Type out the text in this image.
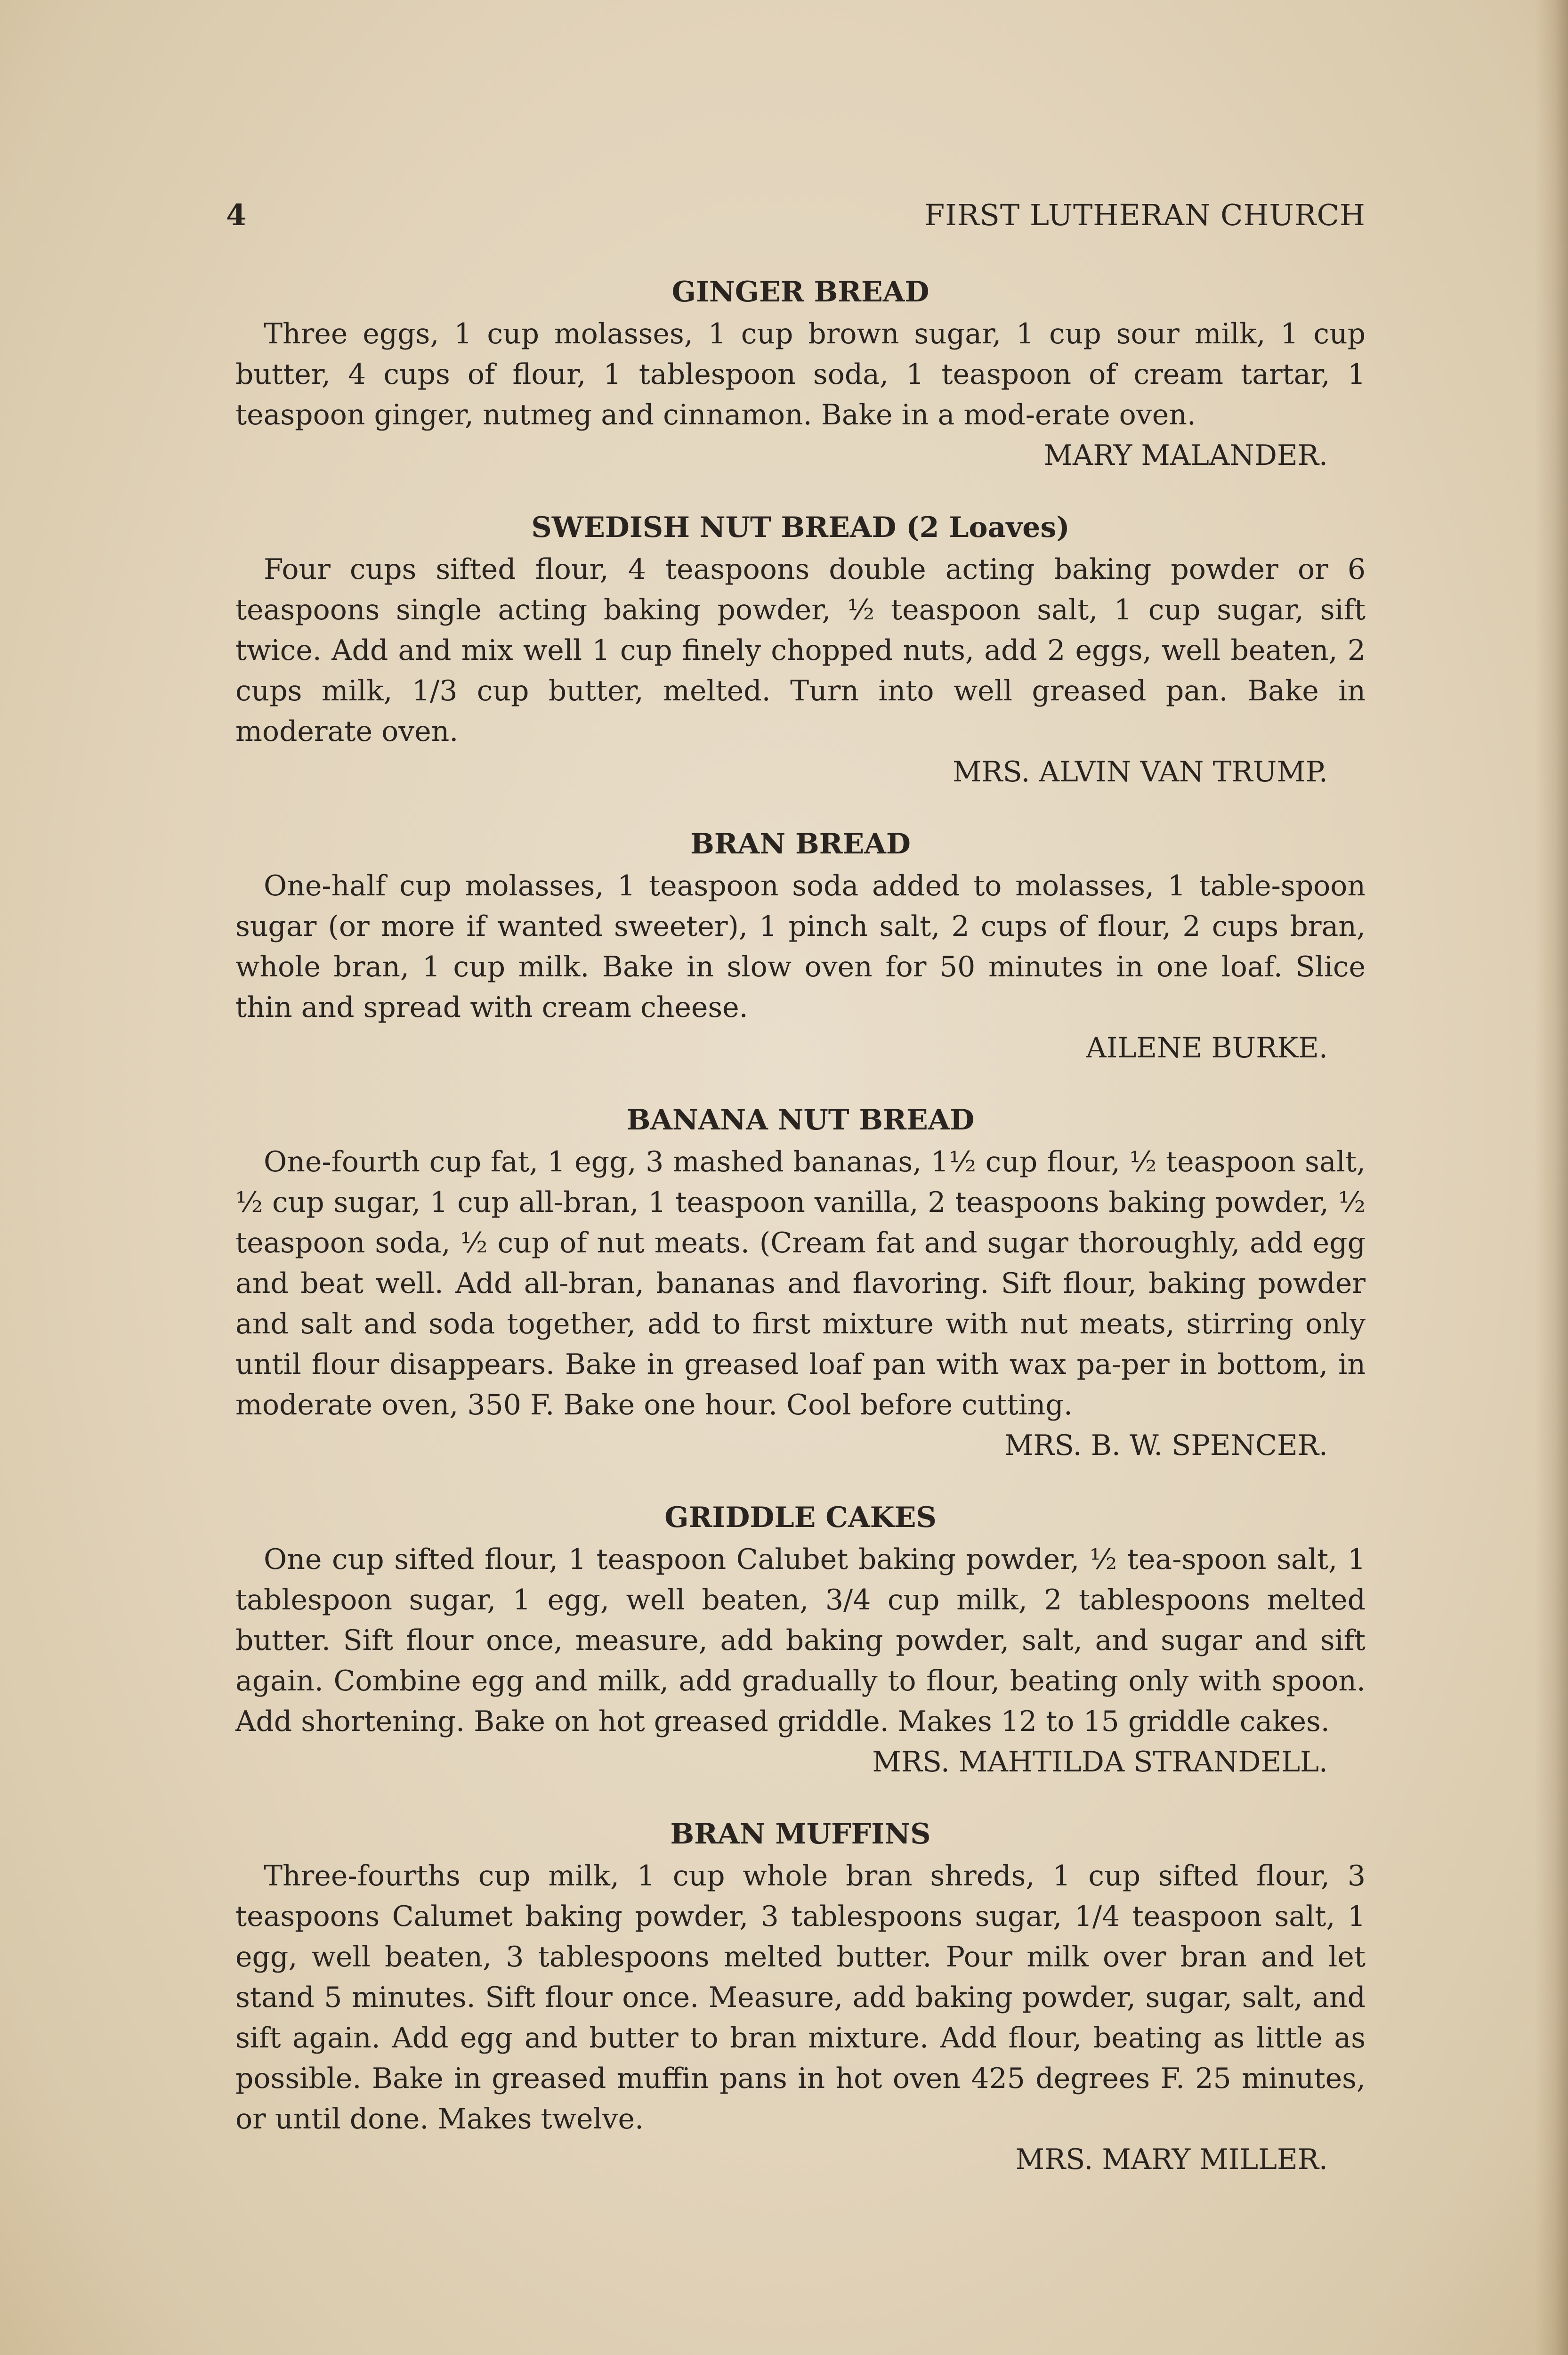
4	FIRST LUTHERAN CHURCH
GINGER BREAD
Three eggs, 1 cup molasses, 1 cup brown sugar, 1 cup sour milk, 1 cup butter, 4 cups of flour, 1 tablespoon soda, 1 teaspoon of cream tartar, 1 teaspoon ginger, nutmeg and cinnamon. Bake in a mod-erate oven.
MARY MALANDER.
SWEDISH NUT BREAD (2 Loaves)
Four cups sifted flour, 4 teaspoons double acting baking powder or 6 teaspoons single acting baking powder, ½ teaspoon salt, 1 cup sugar, sift twice. Add and mix well 1 cup finely chopped nuts, add 2 eggs, well beaten, 2 cups milk, 1/3 cup butter, melted. Turn into well greased pan. Bake in moderate oven.
MRS. ALVIN VAN TRUMP.
BRAN BREAD
One-half cup molasses, 1 teaspoon soda added to molasses, 1 table-spoon sugar (or more if wanted sweeter), 1 pinch salt, 2 cups of flour, 2 cups bran, whole bran, 1 cup milk. Bake in slow oven for 50 minutes in one loaf. Slice thin and spread with cream cheese.
AILENE BURKE.
BANANA NUT BREAD
One-fourth cup fat, 1 egg, 3 mashed bananas, 1½ cup flour, ½ teaspoon salt, ½ cup sugar, 1 cup all-bran, 1 teaspoon vanilla, 2 teaspoons baking powder, ½ teaspoon soda, ½ cup of nut meats. (Cream fat and sugar thoroughly, add egg and beat well. Add all-bran, bananas and flavoring. Sift flour, baking powder and salt and soda together, add to first mixture with nut meats, stirring only until flour disappears. Bake in greased loaf pan with wax pa-per in bottom, in moderate oven, 350 F. Bake one hour. Cool before cutting.
MRS. B. W. SPENCER.
GRIDDLE CAKES
One cup sifted flour, 1 teaspoon Calubet baking powder, ½ tea-spoon salt, 1 tablespoon sugar, 1 egg, well beaten, 3/4 cup milk, 2 tablespoons melted butter. Sift flour once, measure, add baking powder, salt, and sugar and sift again. Combine egg and milk, add gradually to flour, beating only with spoon. Add shortening. Bake on hot greased griddle. Makes 12 to 15 griddle cakes.
MRS. MAHTILDA STRANDELL.
BRAN MUFFINS
Three-fourths cup milk, 1 cup whole bran shreds, 1 cup sifted flour, 3 teaspoons Calumet baking powder, 3 tablespoons sugar, 1/4 teaspoon salt, 1 egg, well beaten, 3 tablespoons melted butter. Pour milk over bran and let stand 5 minutes. Sift flour once. Measure, add baking powder, sugar, salt, and sift again. Add egg and butter to bran mixture. Add flour, beating as little as possible. Bake in greased muffin pans in hot oven 425 degrees F. 25 minutes, or until done. Makes twelve.
MRS. MARY MILLER.
